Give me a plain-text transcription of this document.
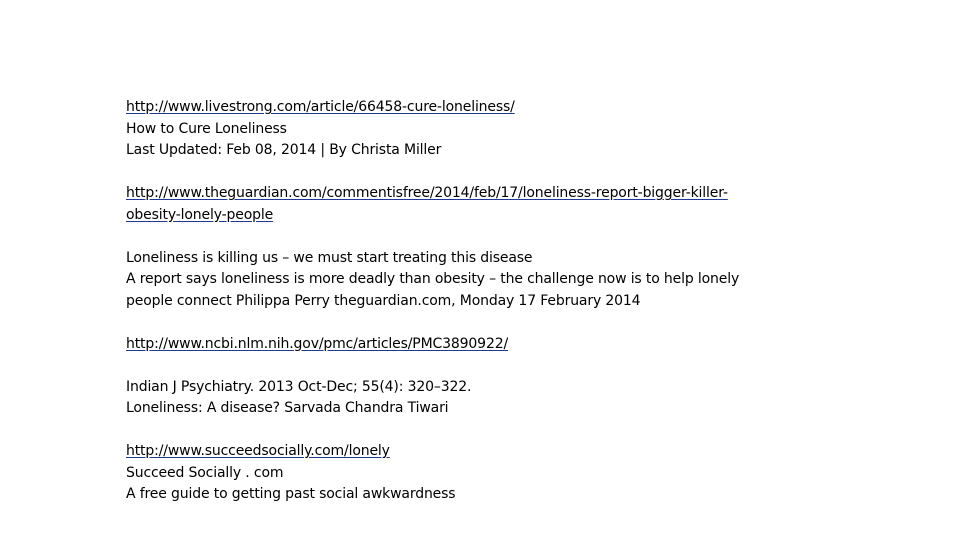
http://www.livestrong.com/article/66458-cure-loneliness/
How to Cure Loneliness
Last Updated: Feb 08, 2014 | By Christa Miller
http://www.theguardian.com/commentisfree/2014/feb/17/loneliness-report-bigger-killer-
obesity-lonely-people
Loneliness is killing us – we must start treating this disease
A report says loneliness is more deadly than obesity – the challenge now is to help lonely
people connect Philippa Perry theguardian.com, Monday 17 February 2014
http://www.ncbi.nlm.nih.gov/pmc/articles/PMC3890922/
Indian J Psychiatry. 2013 Oct-Dec; 55(4): 320–322.
Loneliness: A disease? Sarvada Chandra Tiwari
http://www.succeedsocially.com/lonely
Succeed Socially . com
A free guide to getting past social awkwardness
